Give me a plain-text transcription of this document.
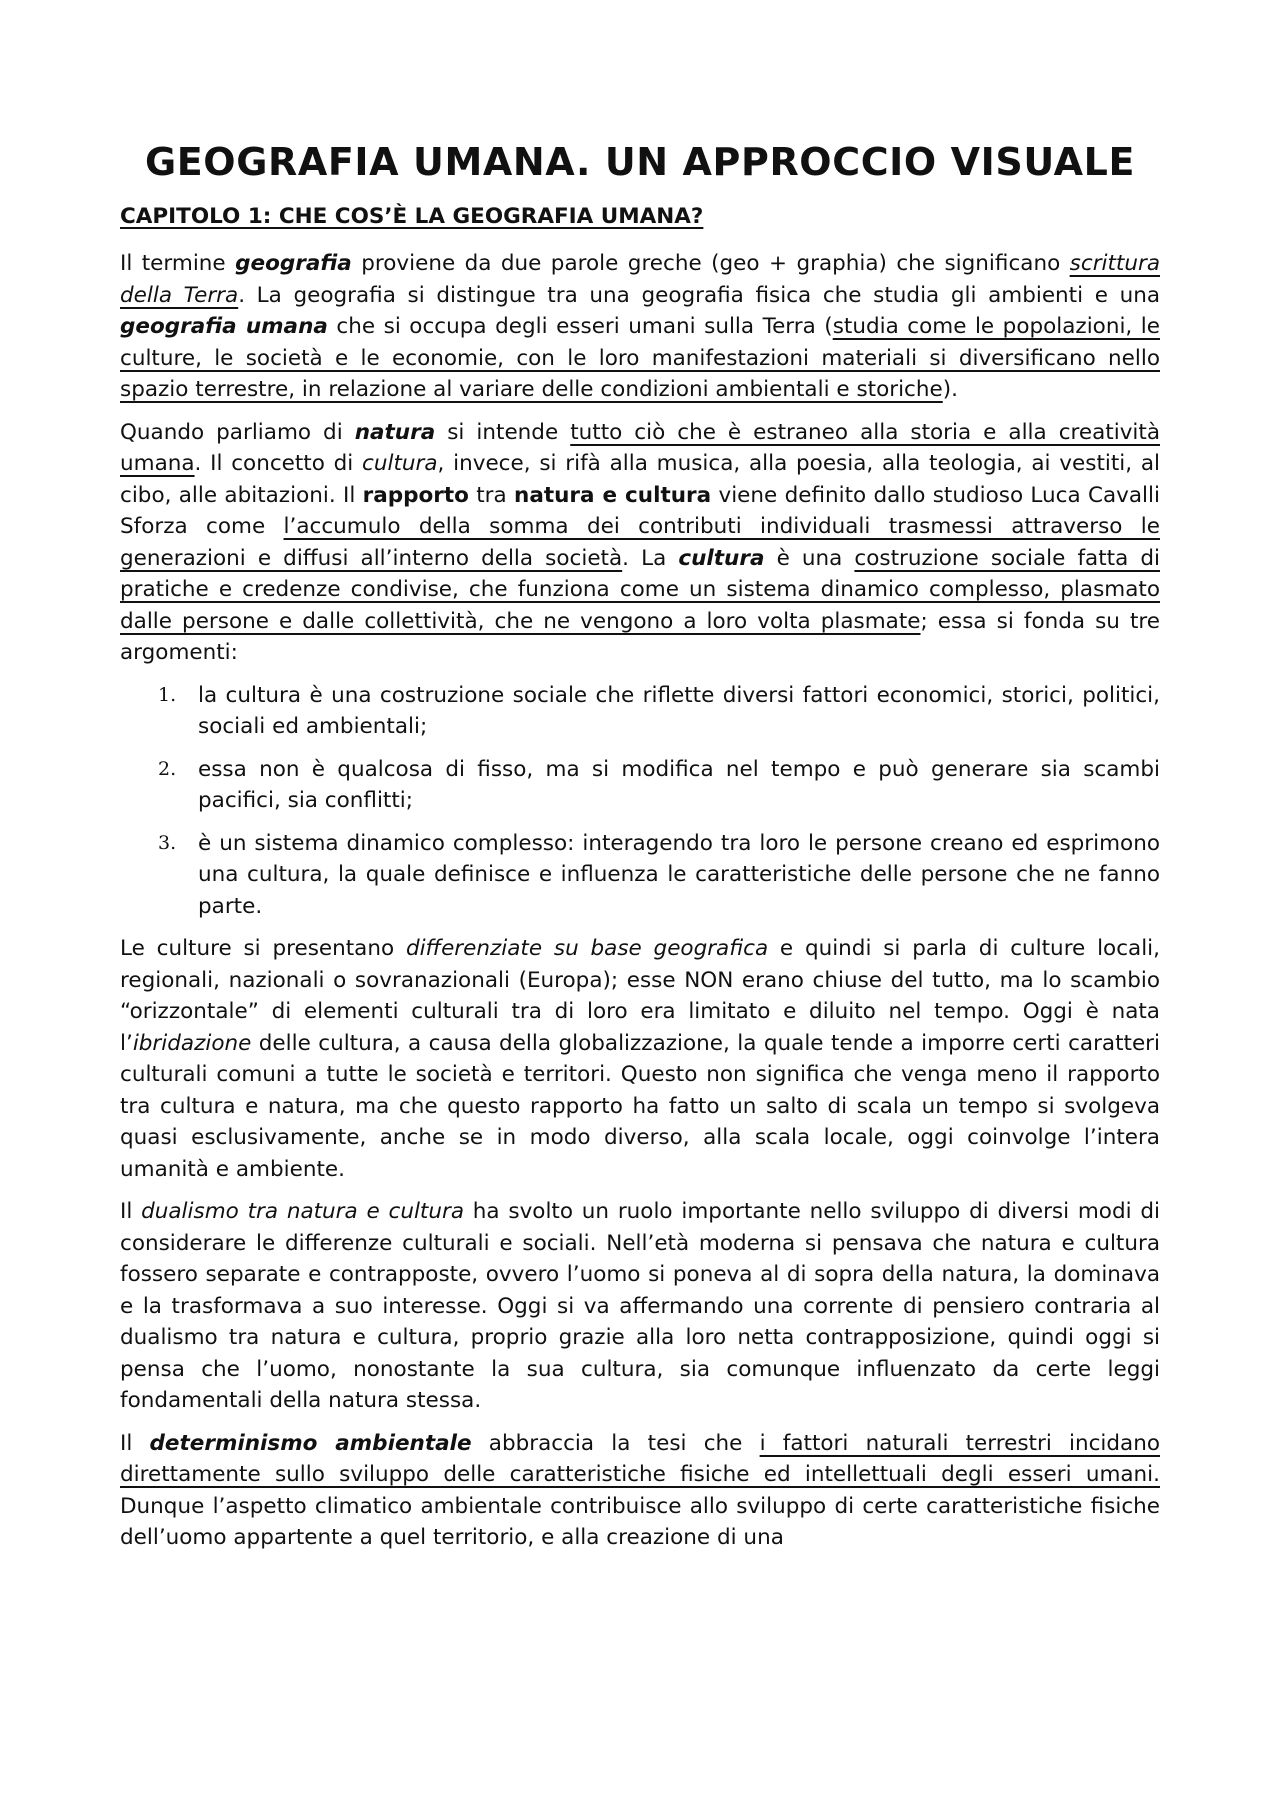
GEOGRAFIA UMANA. UN APPROCCIO VISUALE
CAPITOLO 1: CHE COS’È LA GEOGRAFIA UMANA?

Il termine geografia proviene da due parole greche (geo + graphia) che significano scrittura della Terra. La geografia si distingue tra una geografia fisica che studia gli ambienti e una geografia umana che si occupa degli esseri umani sulla Terra (studia come le popolazioni, le culture, le società e le economie, con le loro manifestazioni materiali si diversificano nello spazio terrestre, in relazione al variare delle condizioni ambientali e storiche).

Quando parliamo di natura si intende tutto ciò che è estraneo alla storia e alla creatività umana. Il concetto di cultura, invece, si rifà alla musica, alla poesia, alla teologia, ai vestiti, al cibo, alle abitazioni. Il rapporto tra natura e cultura viene definito dallo studioso Luca Cavalli Sforza come l’accumulo della somma dei contributi individuali trasmessi attraverso le generazioni e diffusi all’interno della società. La cultura è una costruzione sociale fatta di pratiche e credenze condivise, che funziona come un sistema dinamico complesso, plasmato dalle persone e dalle collettività, che ne vengono a loro volta plasmate; essa si fonda su tre argomenti:

1. la cultura è una costruzione sociale che riflette diversi fattori economici, storici, politici, sociali ed ambientali;
2. essa non è qualcosa di fisso, ma si modifica nel tempo e può generare sia scambi pacifici, sia conflitti;
3. è un sistema dinamico complesso: interagendo tra loro le persone creano ed esprimono una cultura, la quale definisce e influenza le caratteristiche delle persone che ne fanno parte.

Le culture si presentano differenziate su base geografica e quindi si parla di culture locali, regionali, nazionali o sovranazionali (Europa); esse NON erano chiuse del tutto, ma lo scambio “orizzontale” di elementi culturali tra di loro era limitato e diluito nel tempo. Oggi è nata l’ibridazione delle cultura, a causa della globalizzazione, la quale tende a imporre certi caratteri culturali comuni a tutte le società e territori. Questo non significa che venga meno il rapporto tra cultura e natura, ma che questo rapporto ha fatto un salto di scala un tempo si svolgeva quasi esclusivamente, anche se in modo diverso, alla scala locale, oggi coinvolge l’intera umanità e ambiente.

Il dualismo tra natura e cultura ha svolto un ruolo importante nello sviluppo di diversi modi di considerare le differenze culturali e sociali. Nell’età moderna si pensava che natura e cultura fossero separate e contrapposte, ovvero l’uomo si poneva al di sopra della natura, la dominava e la trasformava a suo interesse. Oggi si va affermando una corrente di pensiero contraria al dualismo tra natura e cultura, proprio grazie alla loro netta contrapposizione, quindi oggi si pensa che l’uomo, nonostante la sua cultura, sia comunque influenzato da certe leggi fondamentali della natura stessa.

Il determinismo ambientale abbraccia la tesi che i fattori naturali terrestri incidano direttamente sullo sviluppo delle caratteristiche fisiche ed intellettuali degli esseri umani. Dunque l’aspetto climatico ambientale contribuisce allo sviluppo di certe caratteristiche fisiche dell’uomo appartente a quel territorio, e alla creazione di una
